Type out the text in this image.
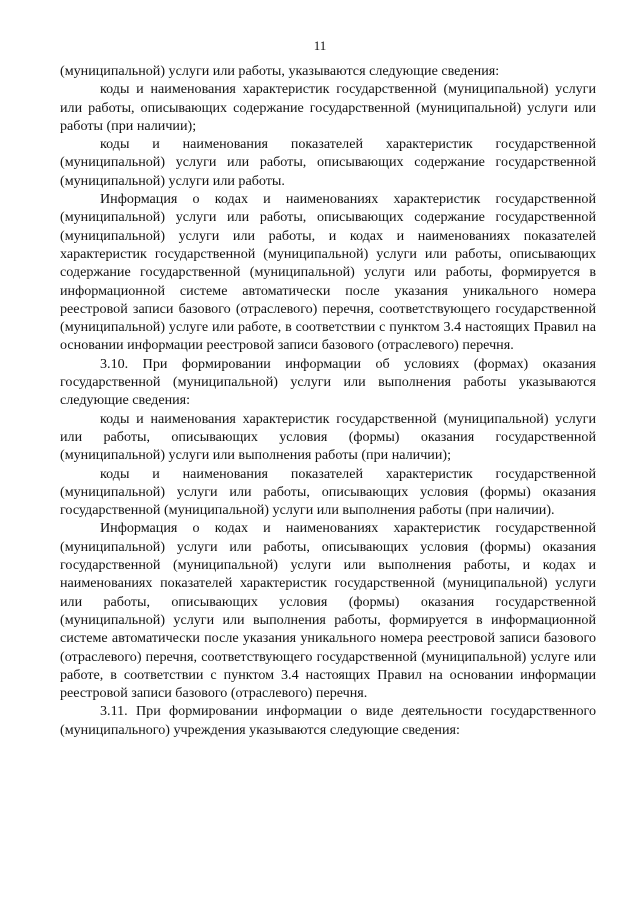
11

(муниципальной) услуги или работы, указываются следующие сведения:

коды и наименования характеристик государственной (муниципальной) услуги или работы, описывающих содержание государственной (муниципальной) услуги или работы (при наличии);

коды и наименования показателей характеристик государственной (муниципальной) услуги или работы, описывающих содержание государственной (муниципальной) услуги или работы.

Информация о кодах и наименованиях характеристик государственной (муниципальной) услуги или работы, описывающих содержание государственной (муниципальной) услуги или работы, и кодах и наименованиях показателей характеристик государственной (муниципальной) услуги или работы, описывающих содержание государственной (муниципальной) услуги или работы, формируется в информационной системе автоматически после указания уникального номера реестровой записи базового (отраслевого) перечня, соответствующего государственной (муниципальной) услуге или работе, в соответствии с пунктом 3.4 настоящих Правил на основании информации реестровой записи базового (отраслевого) перечня.

3.10. При формировании информации об условиях (формах) оказания государственной (муниципальной) услуги или выполнения работы указываются следующие сведения:

коды и наименования характеристик государственной (муниципальной) услуги или работы, описывающих условия (формы) оказания государственной (муниципальной) услуги или выполнения работы (при наличии);

коды и наименования показателей характеристик государственной (муниципальной) услуги или работы, описывающих условия (формы) оказания государственной (муниципальной) услуги или выполнения работы (при наличии).

Информация о кодах и наименованиях характеристик государственной (муниципальной) услуги или работы, описывающих условия (формы) оказания государственной (муниципальной) услуги или выполнения работы, и кодах и наименованиях показателей характеристик государственной (муниципальной) услуги или работы, описывающих условия (формы) оказания государственной (муниципальной) услуги или выполнения работы, формируется в информационной системе автоматически после указания уникального номера реестровой записи базового (отраслевого) перечня, соответствующего государственной (муниципальной) услуге или работе, в соответствии с пунктом 3.4 настоящих Правил на основании информации реестровой записи базового (отраслевого) перечня.

3.11. При формировании информации о виде деятельности государственного (муниципального) учреждения указываются следующие сведения:
